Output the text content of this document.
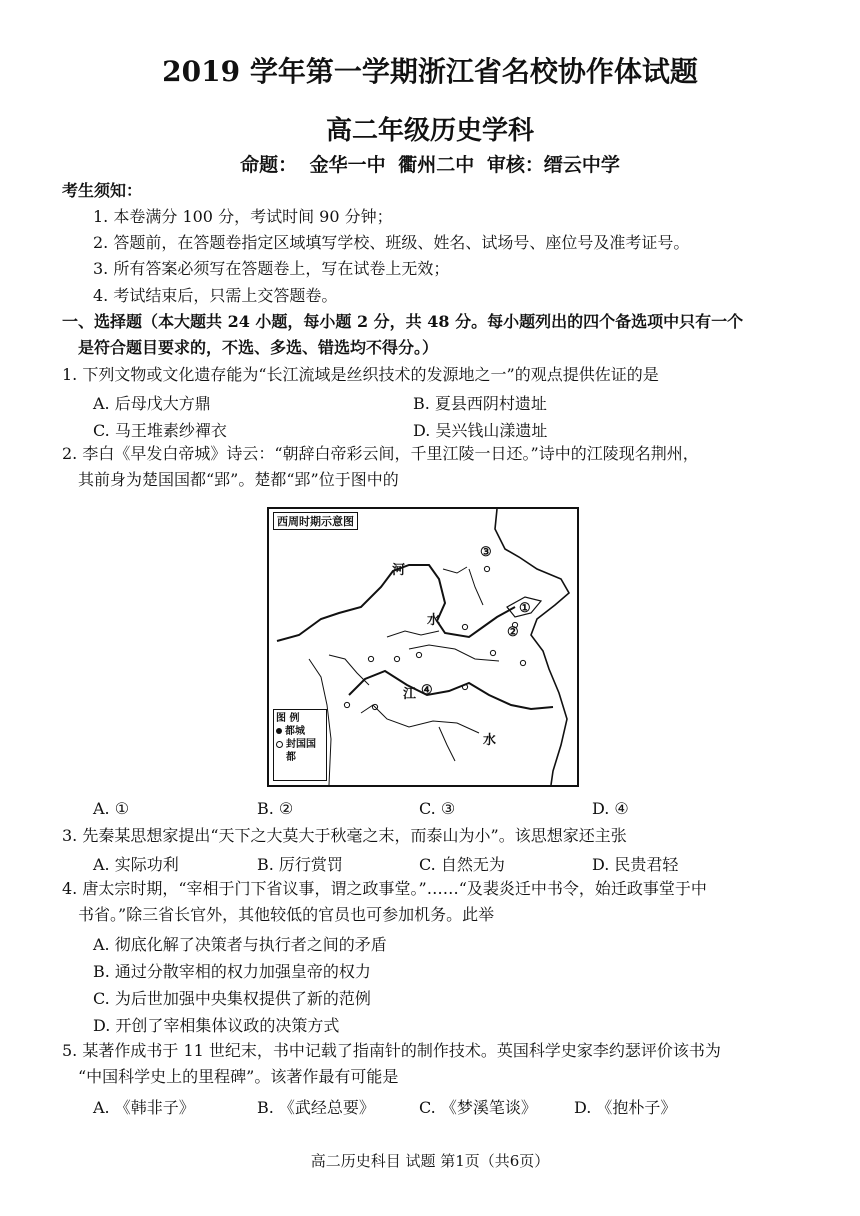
2019 学年第一学期浙江省名校协作体试题
高二年级历史学科
命题： 金华一中 衢州二中 审核：缙云中学
考生须知：
1. 本卷满分 100 分，考试时间 90 分钟；
2. 答题前，在答题卷指定区域填写学校、班级、姓名、试场号、座位号及准考证号。
3. 所有答案必须写在答题卷上，写在试卷上无效；
4. 考试结束后，只需上交答题卷。
一、选择题（本大题共 24 小题，每小题 2 分，共 48 分。每小题列出的四个备选项中只有一个
是符合题目要求的，不选、多选、错选均不得分。）
1. 下列文物或文化遗存能为“长江流域是丝织技术的发源地之一”的观点提供佐证的是
A. 后母戊大方鼎	B. 夏县西阴村遗址
C. 马王堆素纱襌衣	D. 吴兴钱山漾遗址
2. 李白《早发白帝城》诗云：“朝辞白帝彩云间，千里江陵一日还。”诗中的江陵现名荆州，
其前身为楚国国都“郢”。楚都“郢”位于图中的
西周时期示意图
河
水
江
水
①
②
③
④
图 例
都城
封国国都
A. ①	B. ②	C. ③	D. ④
3. 先秦某思想家提出“天下之大莫大于秋毫之末，而泰山为小”。该思想家还主张
A. 实际功利	B. 厉行赏罚	C. 自然无为	D. 民贵君轻
4. 唐太宗时期，“宰相于门下省议事，谓之政事堂。”……“及裴炎迁中书令，始迁政事堂于中
书省。”除三省长官外，其他较低的官员也可参加机务。此举
A. 彻底化解了决策者与执行者之间的矛盾
B. 通过分散宰相的权力加强皇帝的权力
C. 为后世加强中央集权提供了新的范例
D. 开创了宰相集体议政的决策方式
5. 某著作成书于 11 世纪末，书中记载了指南针的制作技术。英国科学史家李约瑟评价该书为
“中国科学史上的里程碑”。该著作最有可能是
A. 《韩非子》	B. 《武经总要》	C. 《梦溪笔谈》 D. 《抱朴子》
高二历史科目 试题 第1页（共6页）
